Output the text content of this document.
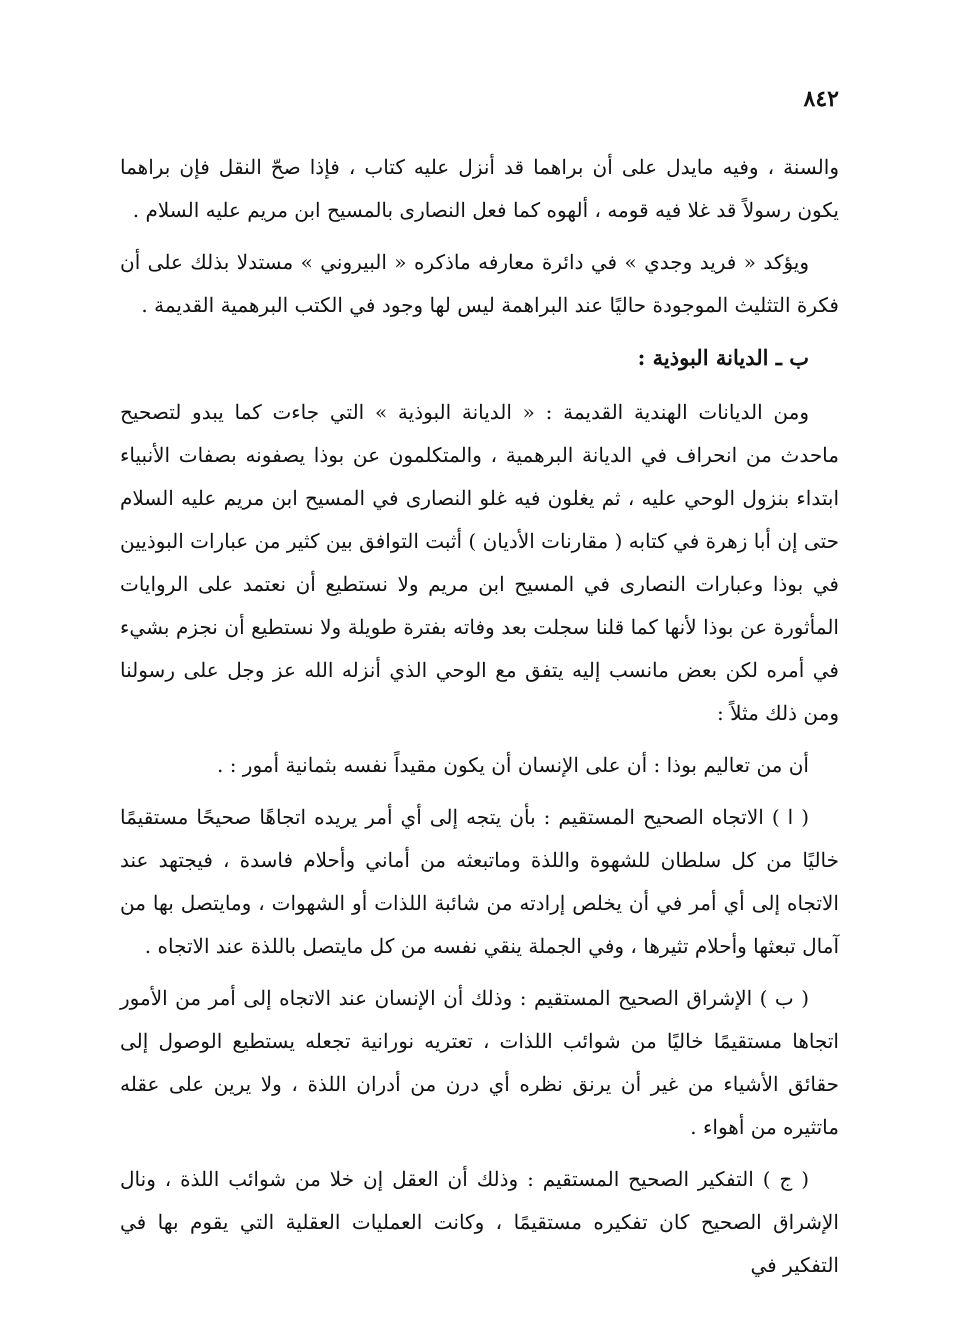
٨٤٢

والسنة ، وفيه مايدل على أن براهما قد أنزل عليه كتاب ، فإذا صحّ النقل فإن براهما يكون رسولاً قد غلا فيه قومه ، ألهوه كما فعل النصارى بالمسيح ابن مريم عليه السلام .

ويؤكد « فريد وجدي » في دائرة معارفه ماذكره « البيروني » مستدلا بذلك على أن فكرة التثليث الموجودة حاليًا عند البراهمة ليس لها وجود في الكتب البرهمية القديمة .

ب ـ الديانة البوذية :

ومن الديانات الهندية القديمة : « الديانة البوذية » التي جاءت كما يبدو لتصحيح ماحدث من انحراف في الديانة البرهمية ، والمتكلمون عن بوذا يصفونه بصفات الأنبياء ابتداء بنزول الوحي عليه ، ثم يغلون فيه غلو النصارى في المسيح ابن مريم عليه السلام حتى إن أبا زهرة في كتابه ( مقارنات الأديان ) أثبت التوافق بين كثير من عبارات البوذيين في بوذا وعبارات النصارى في المسيح ابن مريم ولا نستطيع أن نعتمد على الروايات المأثورة عن بوذا لأنها كما قلنا سجلت بعد وفاته بفترة طويلة ولا نستطيع أن نجزم بشيء في أمره لكن بعض مانسب إليه يتفق مع الوحي الذي أنزله الله عز وجل على رسولنا ومن ذلك مثلاً :

أن من تعاليم بوذا : أن على الإنسان أن يكون مقيداً نفسه بثمانية أمور : .

( ا ) الاتجاه الصحيح المستقيم : بأن يتجه إلى أي أمر يريده اتجاهًا صحيحًا مستقيمًا خاليًا من كل سلطان للشهوة واللذة وماتبعثه من أماني وأحلام فاسدة ، فيجتهد عند الاتجاه إلى أي أمر في أن يخلص إرادته من شائبة اللذات أو الشهوات ، ومايتصل بها من آمال تبعثها وأحلام تثيرها ، وفي الجملة ينقي نفسه من كل مايتصل باللذة عند الاتجاه .

( ب ) الإشراق الصحيح المستقيم : وذلك أن الإنسان عند الاتجاه إلى أمر من الأمور اتجاها مستقيمًا خاليًا من شوائب اللذات ، تعتريه نورانية تجعله يستطيع الوصول إلى حقائق الأشياء من غير أن يرنق نظره أي درن من أدران اللذة ، ولا يرين على عقله ماتثيره من أهواء .

( ج ) التفكير الصحيح المستقيم : وذلك أن العقل إن خلا من شوائب اللذة ، ونال الإشراق الصحيح كان تفكيره مستقيمًا ، وكانت العمليات العقلية التي يقوم بها في التفكير في
